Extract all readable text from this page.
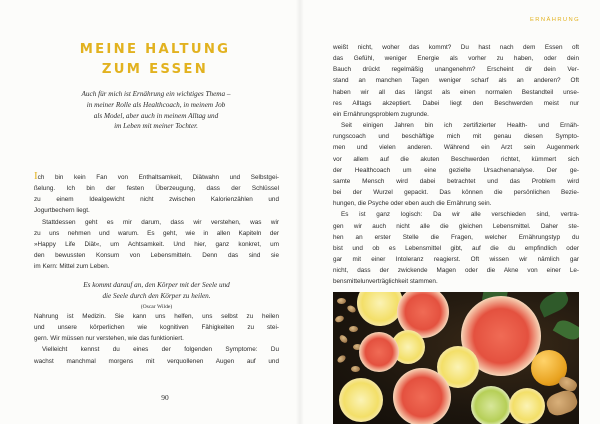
MEINE HALTUNG
ZUM ESSEN

Auch für mich ist Ernährung ein wichtiges Thema –
in meiner Rolle als Healthcoach, in meinem Job
als Model, aber auch in meinem Alltag und
im Leben mit meiner Tochter.

Ich bin kein Fan von Enthaltsamkeit, Diätwahn und Selbstgei-
ßelung. Ich bin der festen Überzeugung, dass der Schlüssel
zu einem Idealgewicht nicht zwischen Kalorienzählen und
Jogurtbechern liegt.

Stattdessen geht es mir darum, dass wir verstehen, was wir
zu uns nehmen und warum. Es geht, wie in allen Kapiteln der
»Happy Life Diät«, um Achtsamkeit. Und hier, ganz konkret, um
den bewussten Konsum von Lebensmitteln. Denn das sind sie
im Kern: Mittel zum Leben.

Es kommt darauf an, den Körper mit der Seele und
die Seele durch den Körper zu heilen.
(Oscar Wilde)

Nahrung ist Medizin. Sie kann uns helfen, uns selbst zu heilen
und unsere körperlichen wie kognitiven Fähigkeiten zu stei-
gern. Wir müssen nur verstehen, wie das funktioniert.

Vielleicht kennst du eines der folgenden Symptome: Du
wachst manchmal morgens mit verquollenen Augen auf und

90
ERNÄHRUNG

weißt nicht, woher das kommt? Du hast nach dem Essen oft
das Gefühl, weniger Energie als vorher zu haben, oder dein
Bauch drückt regelmäßig unangenehm? Erscheint dir dein Ver-
stand an manchen Tagen weniger scharf als an anderen? Oft
haben wir all das längst als einen normalen Bestandteil unse-
res Alltags akzeptiert. Dabei liegt den Beschwerden meist nur
ein Ernährungsproblem zugrunde.

Seit einigen Jahren bin ich zertifizierter Health- und Ernäh-
rungscoach und beschäftige mich mit genau diesen Sympto-
men und vielen anderen. Während ein Arzt sein Augenmerk
vor allem auf die akuten Beschwerden richtet, kümmert sich
der Healthcoach um eine gezielte Ursachenanalyse. Der ge-
samte Mensch wird dabei betrachtet und das Problem wird
bei der Wurzel gepackt. Das können die persönlichen Bezie-
hungen, die Psyche oder eben auch die Ernährung sein.

Es ist ganz logisch: Da wir alle verschieden sind, vertra-
gen wir auch nicht alle die gleichen Lebensmittel. Daher ste-
hen an erster Stelle die Fragen, welcher Ernährungstyp du
bist und ob es Lebensmittel gibt, auf die du empfindlich oder
gar mit einer Intoleranz reagierst. Oft wissen wir nämlich gar
nicht, dass der zwickende Magen oder die Akne von einer Le-
bensmittelunverträglichkeit stammen.
